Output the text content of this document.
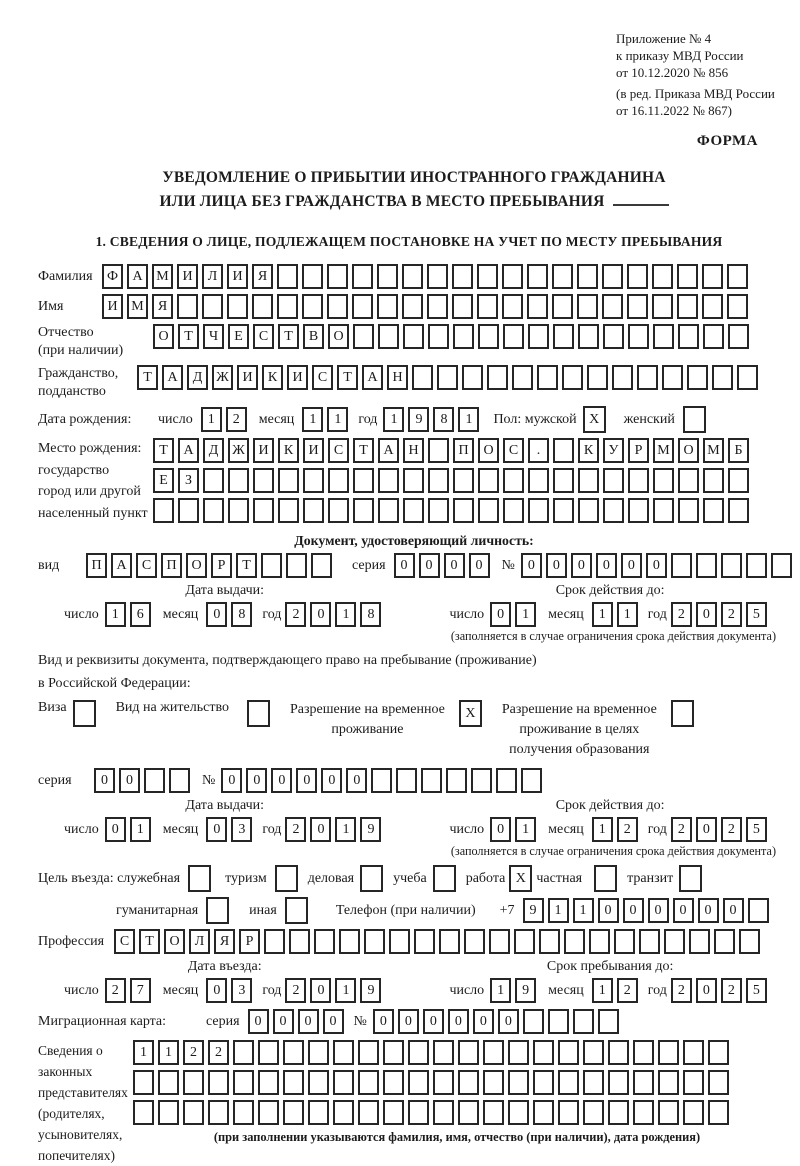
Приложение № 4
к приказу МВД России
от 10.12.2020 № 856
(в ред. Приказа МВД России
от 16.11.2022 № 867)
ФОРМА
УВЕДОМЛЕНИЕ О ПРИБЫТИИ ИНОСТРАННОГО ГРАЖДАНИНА
ИЛИ ЛИЦА БЕЗ ГРАЖДАНСТВА В МЕСТО ПРЕБЫВАНИЯ
1. СВЕДЕНИЯ О ЛИЦЕ, ПОДЛЕЖАЩЕМ ПОСТАНОВКЕ НА УЧЕТ ПО МЕСТУ ПРЕБЫВАНИЯ
Фамилия	Ф	А М И	Л	И	Я
Имя	И М	Я
Отчество
(при наличии)
О	Т	Ч	Е	С	Т	В	О
Гражданство,
подданство
Т	А	Д Ж И	К	И	С	Т	А	Н
Дата рождения:	число	1	2	месяц	1	1	год 1	9	8	1	Пол: мужской X	женский
Место рождения:
государство
город или другой
населенный пункт
Т	А	Д Ж И	К	И	С	Т	А	Н	П	О	С	.	К	У	Р	М О М	Б
Е	З
Документ, удостоверяющий личность:
вид	П	А	С	П	О	Р	Т	серия	0	0	0	0	№ 0	0	0	0	0	0
Дата выдачи:
число 1	6	месяц	0	8	год 2	0	1	8
Срок действия до:
число 0	1	месяц	1	1	год 2	0	2	5
(заполняется в случае ограничения срока действия документа)
Вид и реквизиты документа, подтверждающего право на пребывание (проживание)
в Российской Федерации:
Виза	Вид на жительство	Разрешение на временное
проживание
X	Разрешение на временное
проживание в целях
получения образования
серия	0	0	№ 0	0	0	0	0	0
Дата выдачи:
число 0	1	месяц	0	3	год 2	0	1	9
Срок действия до:
число 0	1	месяц	1	2	год 2	0	2	5
(заполняется в случае ограничения срока действия документа)
Цель въезда: служебная	туризм	деловая	учеба	работа X частная	транзит
гуманитарная	иная	Телефон (при наличии) +7	9	1	1	0	0	0	0	0	0
Профессия	С	Т	О	Л	Я	Р
Дата въезда:
число 2	7	месяц	0	3	год 2	0	1	9
Срок пребывания до:
число 1	9	месяц	1	2	год 2	0	2	5
Миграционная карта:	серия	0	0	0	0	№ 0	0	0	0	0	0
Сведения о
законных
представителях
(родителях,
усыновителях,
попечителях)
1	1	2	2
(при заполнении указываются фамилия, имя, отчество (при наличии), дата рождения)
